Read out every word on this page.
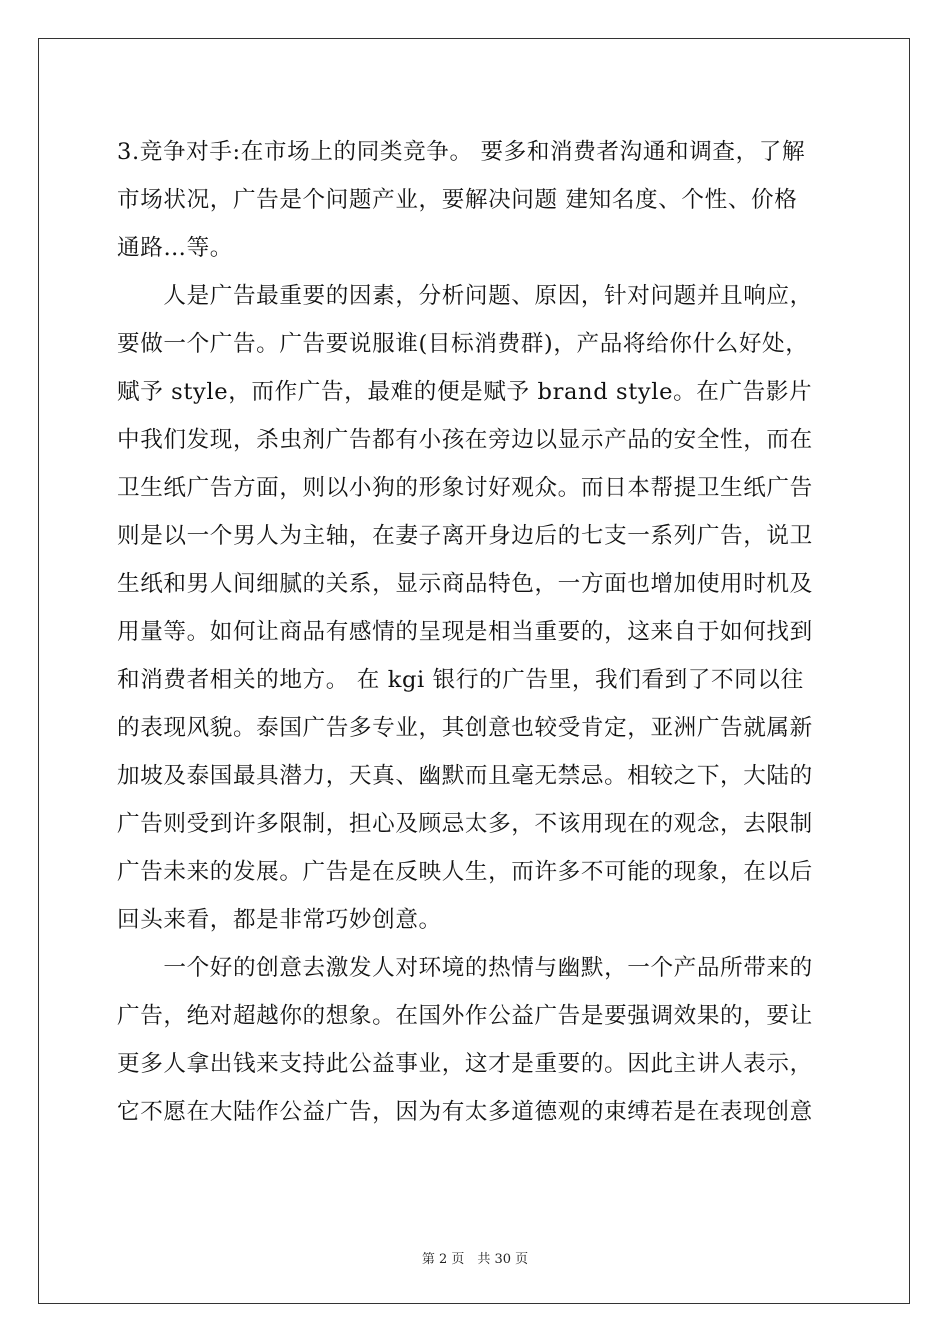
3.竞争对手:在市场上的同类竞争。 要多和消费者沟通和调查，了解
市场状况，广告是个问题产业，要解决问题 建知名度、个性、价格
通路…等。
　　人是广告最重要的因素，分析问题、原因，针对问题并且响应，
要做一个广告。广告要说服谁(目标消费群)，产品将给你什么好处，
赋予 style，而作广告，最难的便是赋予 brand style。在广告影片
中我们发现，杀虫剂广告都有小孩在旁边以显示产品的安全性，而在
卫生纸广告方面，则以小狗的形象讨好观众。而日本帮提卫生纸广告
则是以一个男人为主轴，在妻子离开身边后的七支一系列广告，说卫
生纸和男人间细腻的关系，显示商品特色，一方面也增加使用时机及
用量等。如何让商品有感情的呈现是相当重要的，这来自于如何找到
和消费者相关的地方。 在 kgi 银行的广告里，我们看到了不同以往
的表现风貌。泰国广告多专业，其创意也较受肯定，亚洲广告就属新
加坡及泰国最具潜力，天真、幽默而且毫无禁忌。相较之下，大陆的
广告则受到许多限制，担心及顾忌太多，不该用现在的观念，去限制
广告未来的发展。广告是在反映人生，而许多不可能的现象，在以后
回头来看，都是非常巧妙创意。
　　一个好的创意去激发人对环境的热情与幽默，一个产品所带来的
广告，绝对超越你的想象。在国外作公益广告是要强调效果的，要让
更多人拿出钱来支持此公益事业，这才是重要的。因此主讲人表示，
它不愿在大陆作公益广告，因为有太多道德观的束缚若是在表现创意
第 2 页　共 30 页
